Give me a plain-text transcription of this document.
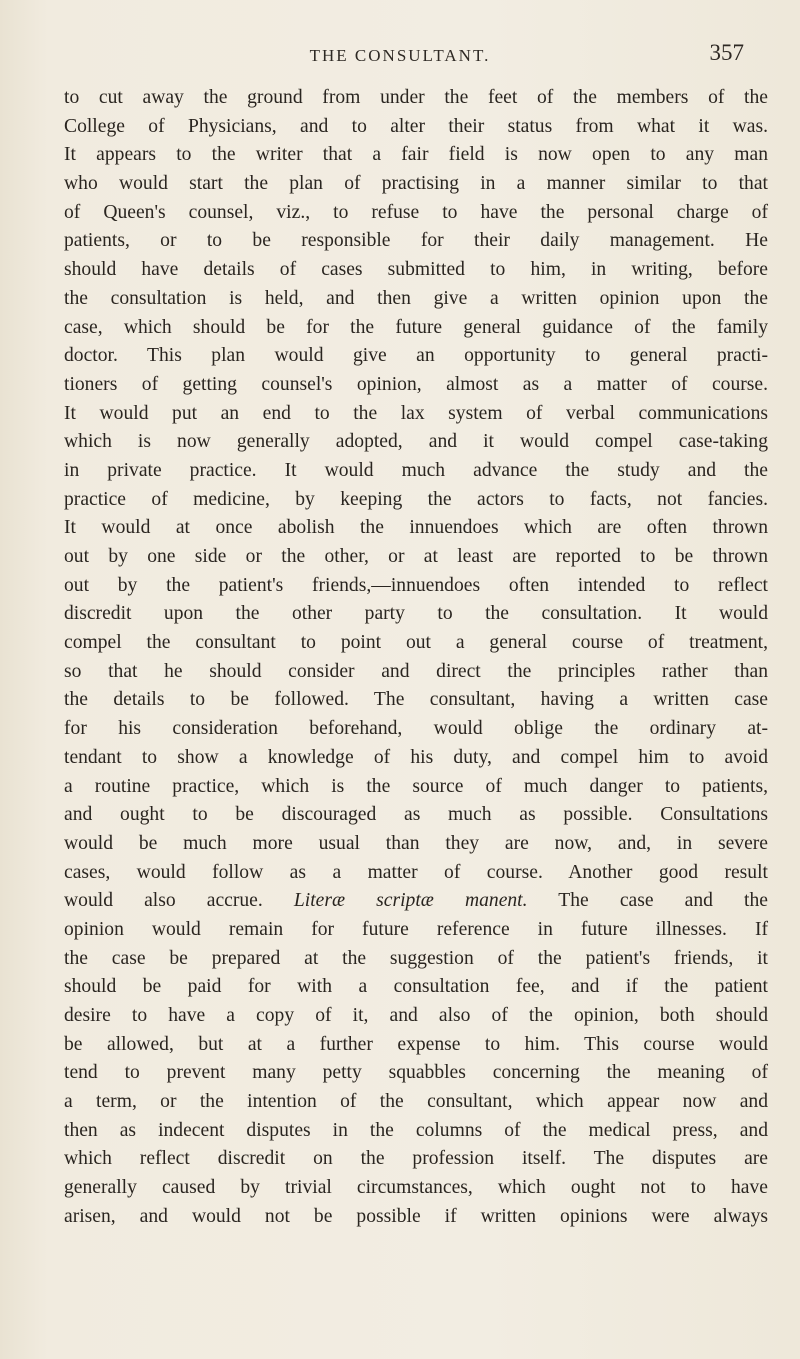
THE CONSULTANT.	357
to cut away the ground from under the feet of the members of the
College of Physicians, and to alter their status from what it was.
It appears to the writer that a fair field is now open to any man
who would start the plan of practising in a manner similar to that
of Queen's counsel, viz., to refuse to have the personal charge of
patients, or to be responsible for their daily management. He
should have details of cases submitted to him, in writing, before
the consultation is held, and then give a written opinion upon the
case, which should be for the future general guidance of the family
doctor. This plan would give an opportunity to general practi-
tioners of getting counsel's opinion, almost as a matter of course.
It would put an end to the lax system of verbal communications
which is now generally adopted, and it would compel case-taking
in private practice. It would much advance the study and the
practice of medicine, by keeping the actors to facts, not fancies.
It would at once abolish the innuendoes which are often thrown
out by one side or the other, or at least are reported to be thrown
out by the patient's friends,—innuendoes often intended to reflect
discredit upon the other party to the consultation. It would
compel the consultant to point out a general course of treatment,
so that he should consider and direct the principles rather than
the details to be followed. The consultant, having a written case
for his consideration beforehand, would oblige the ordinary at-
tendant to show a knowledge of his duty, and compel him to avoid
a routine practice, which is the source of much danger to patients,
and ought to be discouraged as much as possible. Consultations
would be much more usual than they are now, and, in severe
cases, would follow as a matter of course. Another good result
would also accrue. Literæ scriptæ manent. The case and the
opinion would remain for future reference in future illnesses. If
the case be prepared at the suggestion of the patient's friends, it
should be paid for with a consultation fee, and if the patient
desire to have a copy of it, and also of the opinion, both should
be allowed, but at a further expense to him. This course would
tend to prevent many petty squabbles concerning the meaning of
a term, or the intention of the consultant, which appear now and
then as indecent disputes in the columns of the medical press, and
which reflect discredit on the profession itself. The disputes are
generally caused by trivial circumstances, which ought not to have
arisen, and would not be possible if written opinions were always
